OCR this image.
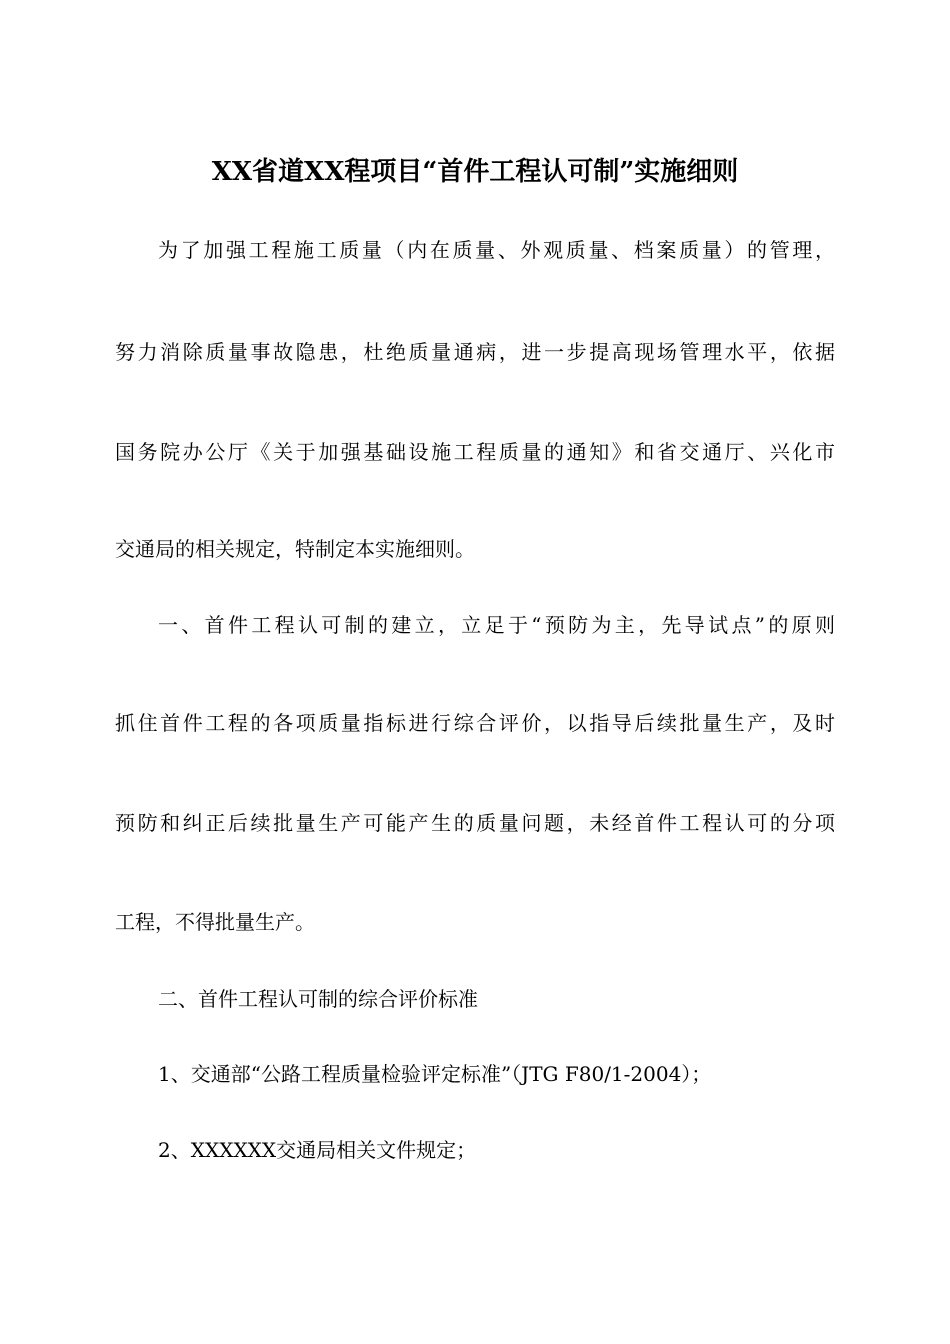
XX省道XX程项目“首件工程认可制”实施细则
为了加强工程施工质量（内在质量、外观质量、档案质量）的管理，
努力消除质量事故隐患，杜绝质量通病，进一步提高现场管理水平，依据
国务院办公厅《关于加强基础设施工程质量的通知》和省交通厅、兴化市
交通局的相关规定，特制定本实施细则。
一、首件工程认可制的建立，立足于“预防为主，先导试点”的原则
抓住首件工程的各项质量指标进行综合评价，以指导后续批量生产，及时
预防和纠正后续批量生产可能产生的质量问题，未经首件工程认可的分项
工程，不得批量生产。
二、首件工程认可制的综合评价标准
1、交通部“公路工程质量检验评定标准”（JTG F80/1-2004）；
2、XXXXXX交通局相关文件规定；
